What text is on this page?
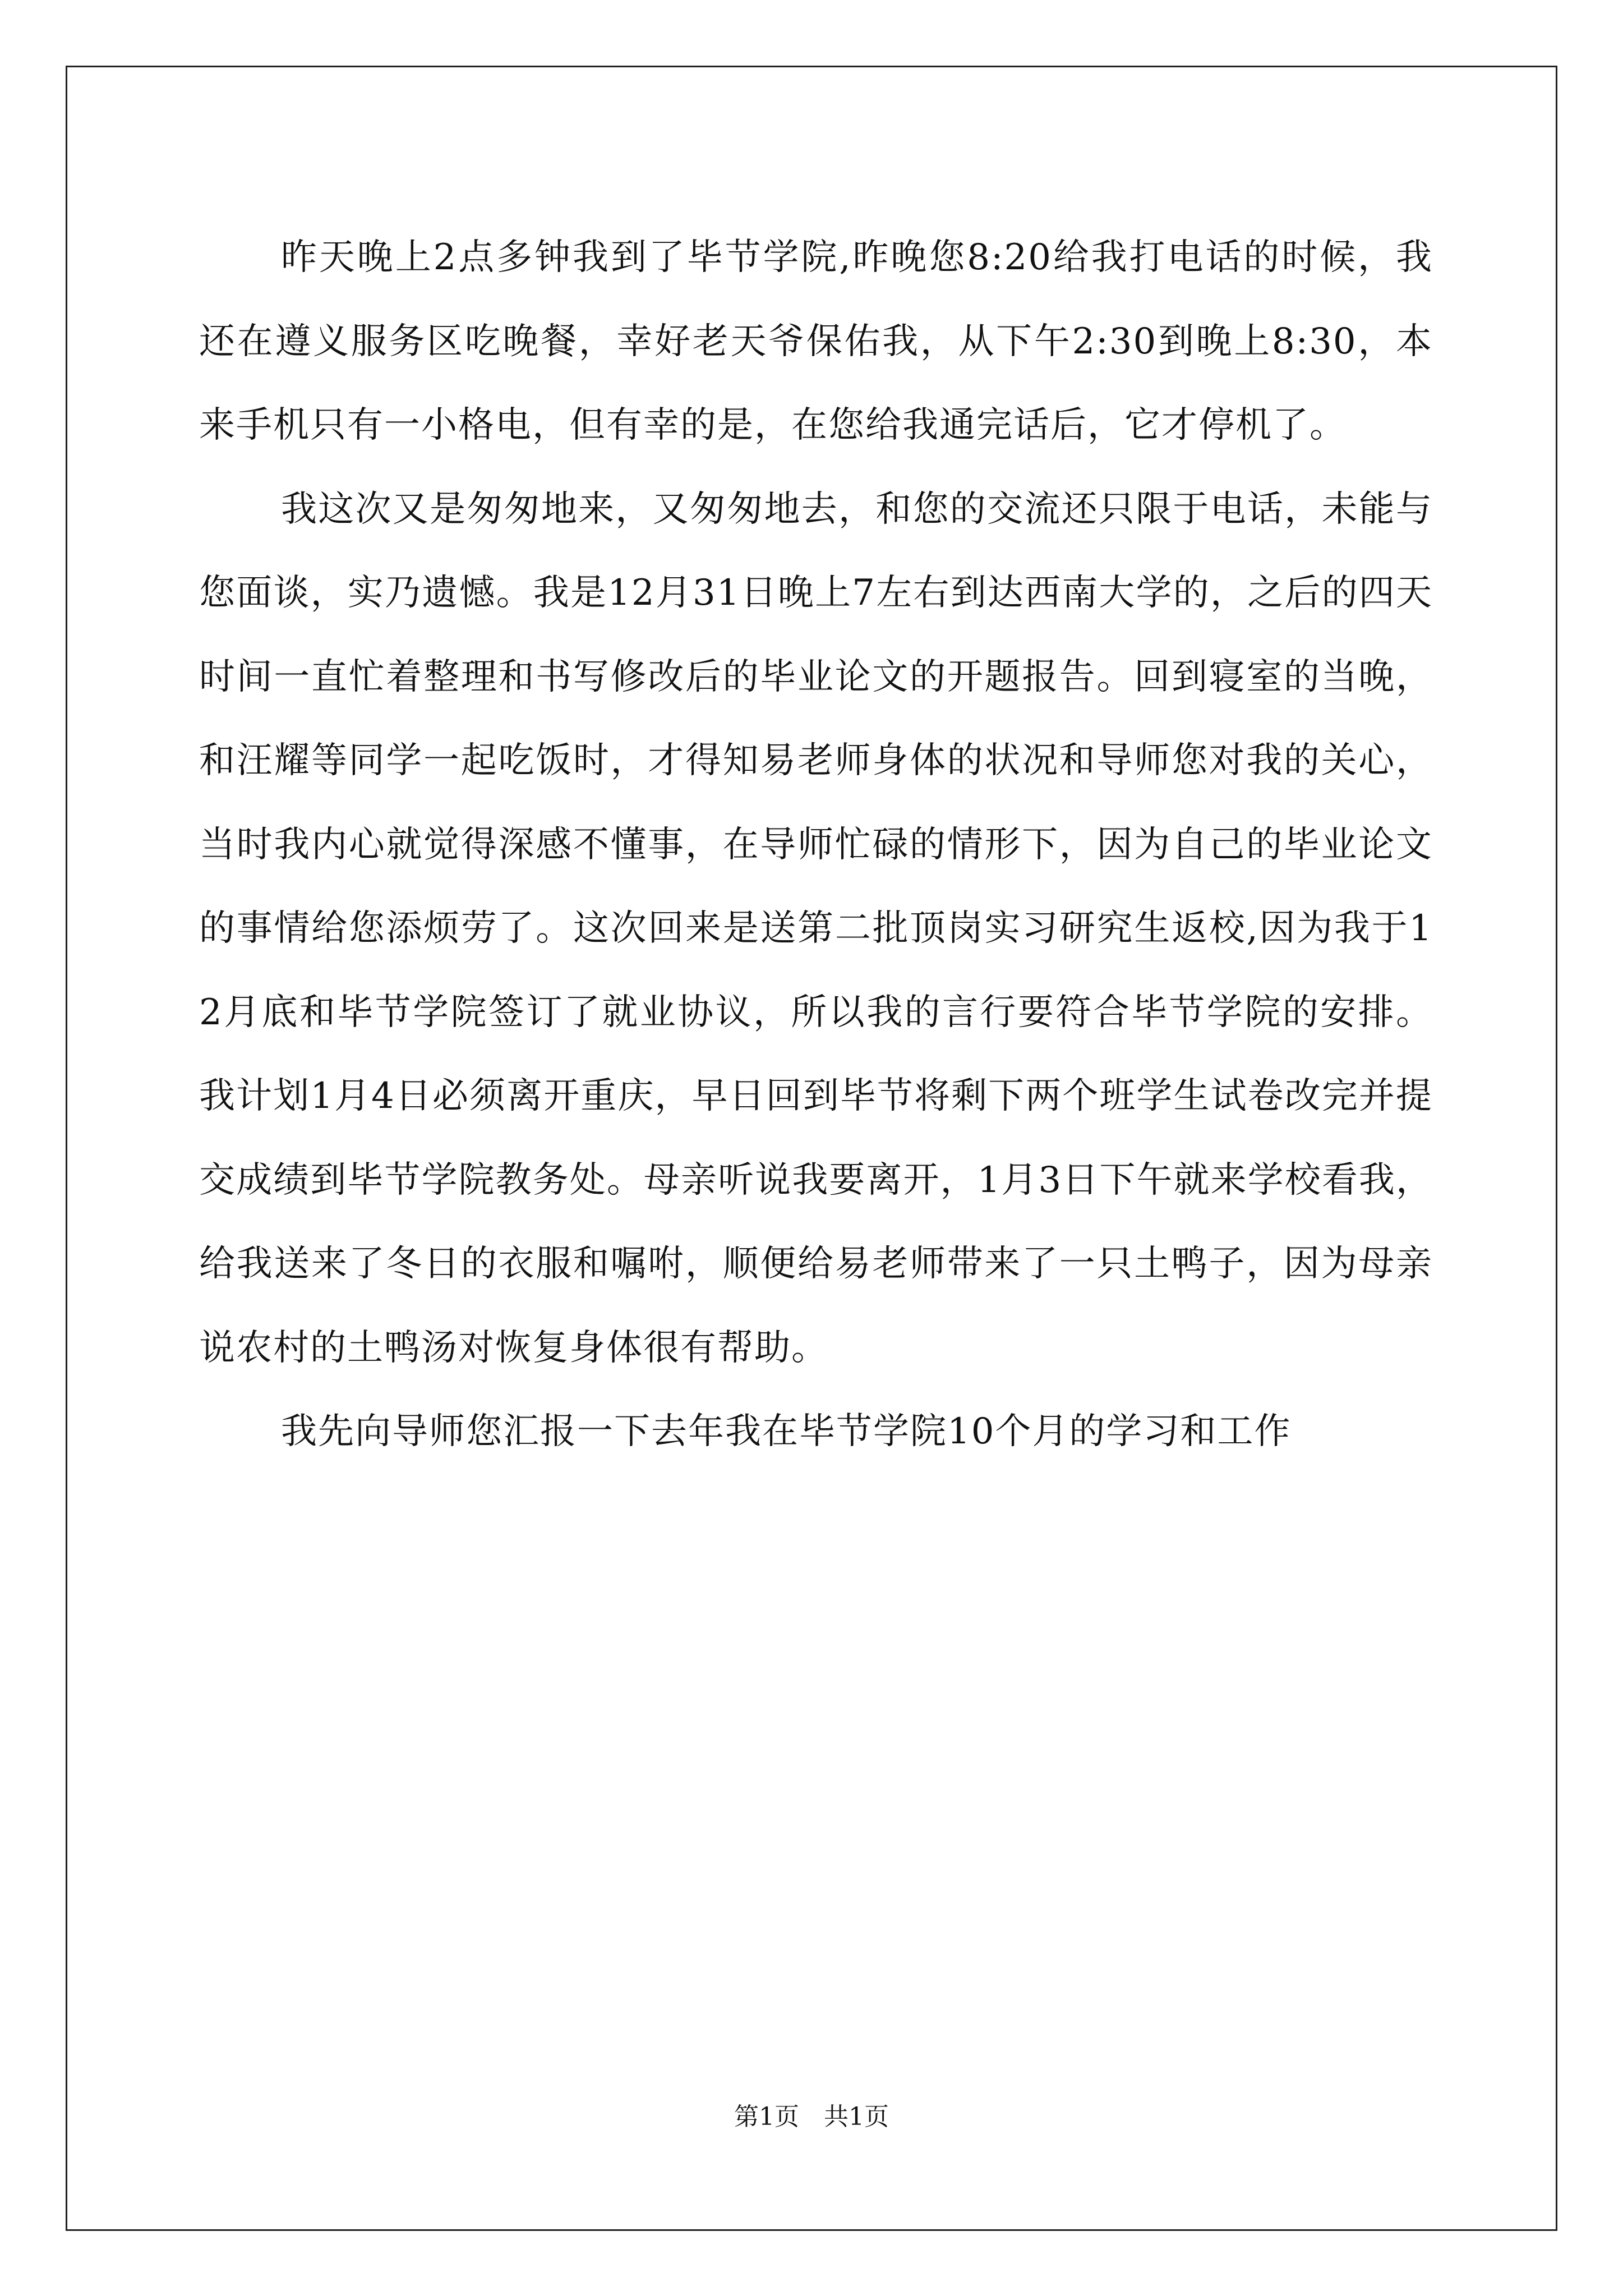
昨天晚上2点多钟我到了毕节学院,昨晚您8:20给我打电话的时候，我还在遵义服务区吃晚餐，幸好老天爷保佑我，从下午2:30到晚上8:30，本来手机只有一小格电，但有幸的是，在您给我通完话后，它才停机了。

我这次又是匆匆地来，又匆匆地去，和您的交流还只限于电话，未能与您面谈，实乃遗憾。我是12月31日晚上7左右到达西南大学的，之后的四天时间一直忙着整理和书写修改后的毕业论文的开题报告。回到寝室的当晚，和汪耀等同学一起吃饭时，才得知易老师身体的状况和导师您对我的关心，当时我内心就觉得深感不懂事，在导师忙碌的情形下，因为自己的毕业论文的事情给您添烦劳了。这次回来是送第二批顶岗实习研究生返校,因为我于12月底和毕节学院签订了就业协议，所以我的言行要符合毕节学院的安排。我计划1月4日必须离开重庆，早日回到毕节将剩下两个班学生试卷改完并提交成绩到毕节学院教务处。母亲听说我要离开，1月3日下午就来学校看我，给我送来了冬日的衣服和嘱咐，顺便给易老师带来了一只土鸭子，因为母亲说农村的土鸭汤对恢复身体很有帮助。

我先向导师您汇报一下去年我在毕节学院10个月的学习和工作

第1页 共1页
